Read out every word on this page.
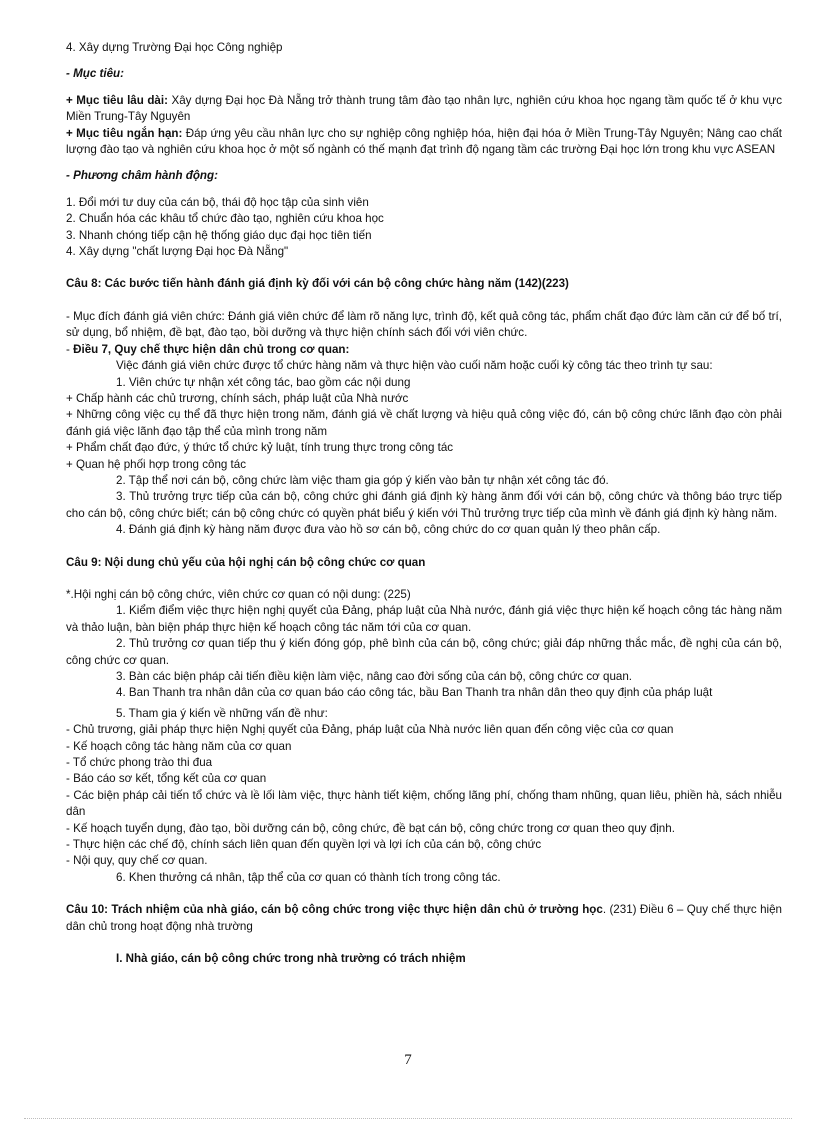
4. Xây dựng Trường Đại học Công nghiệp
- Mục tiêu:
+ Mục tiêu lâu dài: Xây dựng Đại học Đà Nẵng trở thành trung tâm đào tạo nhân lực, nghiên cứu khoa học ngang tầm quốc tế ở khu vực Miền Trung-Tây Nguyên
+ Mục tiêu ngắn hạn: Đáp ứng yêu cầu nhân lực cho sự nghiệp công nghiệp hóa, hiện đại hóa ở Miền Trung-Tây Nguyên; Nâng cao chất lượng đào tạo và nghiên cứu khoa học ở một số ngành có thế mạnh đạt trình độ ngang tầm các trường Đại học lớn trong khu vực ASEAN
- Phương châm hành động:
1. Đổi mới tư duy của cán bộ, thái độ học tập của sinh viên
2. Chuẩn hóa các khâu tổ chức đào tạo, nghiên cứu khoa học
3. Nhanh chóng tiếp cận hệ thống giáo dục đại học tiên tiến
4. Xây dựng "chất lượng Đại học Đà Nẵng"
Câu 8: Các bước tiến hành đánh giá định kỳ đối với cán bộ công chức hàng năm (142)(223)
- Mục đích đánh giá viên chức: Đánh giá viên chức để làm rõ năng lực, trình độ, kết quả công tác, phẩm chất đạo đức làm căn cứ để bố trí, sử dụng, bổ nhiệm, đề bạt, đào tạo, bồi dưỡng và thực hiện chính sách đối với viên chức.
- Điều 7, Quy chế thực hiện dân chủ trong cơ quan:
Việc đánh giá viên chức được tổ chức hàng năm và thực hiện vào cuối năm hoặc cuối kỳ công tác theo trình tự sau:
1. Viên chức tự nhận xét công tác, bao gồm các nội dung
+ Chấp hành các chủ trương, chính sách, pháp luật của Nhà nước
+ Những công việc cụ thể đã thực hiện trong năm, đánh giá về chất lượng và hiệu quả công việc đó, cán bộ công chức lãnh đạo còn phải đánh giá việc lãnh đạo tập thể của mình trong năm
+ Phẩm chất đạo đức, ý thức tổ chức kỷ luật, tính trung thực trong công tác
+ Quan hệ phối hợp trong công tác
2. Tập thể nơi cán bộ, công chức làm việc tham gia góp ý kiến vào bản tự nhận xét công tác đó.
3. Thủ trưởng trực tiếp của cán bộ, công chức ghi đánh giá định kỳ hàng ănm đối với cán bộ, công chức và thông báo trực tiếp cho cán bộ, công chức biết; cán bộ công chức có quyền phát biểu ý kiến với Thủ trưởng trực tiếp của mình về đánh giá định kỳ hàng năm.
4. Đánh giá định kỳ hàng năm được đưa vào hồ sơ cán bộ, công chức do cơ quan quản lý theo phân cấp.
Câu 9: Nội dung chủ yếu của hội nghị cán bộ công chức cơ quan
*.Hội nghị cán bộ công chức, viên chức cơ quan có nội dung: (225)
1. Kiểm điểm việc thực hiện nghị quyết của Đảng, pháp luật của Nhà nước, đánh giá việc thực hiện kế hoạch công tác hàng năm và thảo luận, bàn biện pháp thực hiện kế hoạch công tác năm tới của cơ quan.
2. Thủ trưởng cơ quan tiếp thu ý kiến đóng góp, phê bình của cán bộ, công chức; giải đáp những thắc mắc, đề nghị của cán bộ, công chức cơ quan.
3. Bàn các biện pháp cải tiến điều kiện làm việc, nâng cao đời sống của cán bộ, công chức cơ quan.
4. Ban Thanh tra nhân dân của cơ quan báo cáo công tác, bầu Ban Thanh tra nhân dân theo quy định của pháp luật
5. Tham gia ý kiến về những vấn đề như:
- Chủ trương, giải pháp thực hiện Nghị quyết của Đảng, pháp luật của Nhà nước liên quan đến công việc của cơ quan
- Kế hoạch công tác hàng năm của cơ quan
- Tổ chức phong trào thi đua
- Báo cáo sơ kết, tổng kết của cơ quan
- Các biện pháp cải tiến tổ chức và lề lối làm việc, thực hành tiết kiệm, chống lãng phí, chống tham nhũng, quan liêu, phiền hà, sách nhiễu dân
- Kế hoạch tuyển dụng, đào tạo, bồi dưỡng cán bộ, công chức, đề bạt cán bộ, công chức trong cơ quan theo quy định.
- Thực hiện các chế độ, chính sách liên quan đến quyền lợi và lợi ích của cán bộ, công chức
- Nội quy, quy chế cơ quan.
6. Khen thưởng cá nhân, tập thể của cơ quan có thành tích trong công tác.
Câu 10: Trách nhiệm của nhà giáo, cán bộ công chức trong việc thực hiện dân chủ ở trường học. (231) Điều 6 – Quy chế thực hiện dân chủ trong hoạt động nhà trường
I. Nhà giáo, cán bộ công chức trong nhà trường có trách nhiệm
7
